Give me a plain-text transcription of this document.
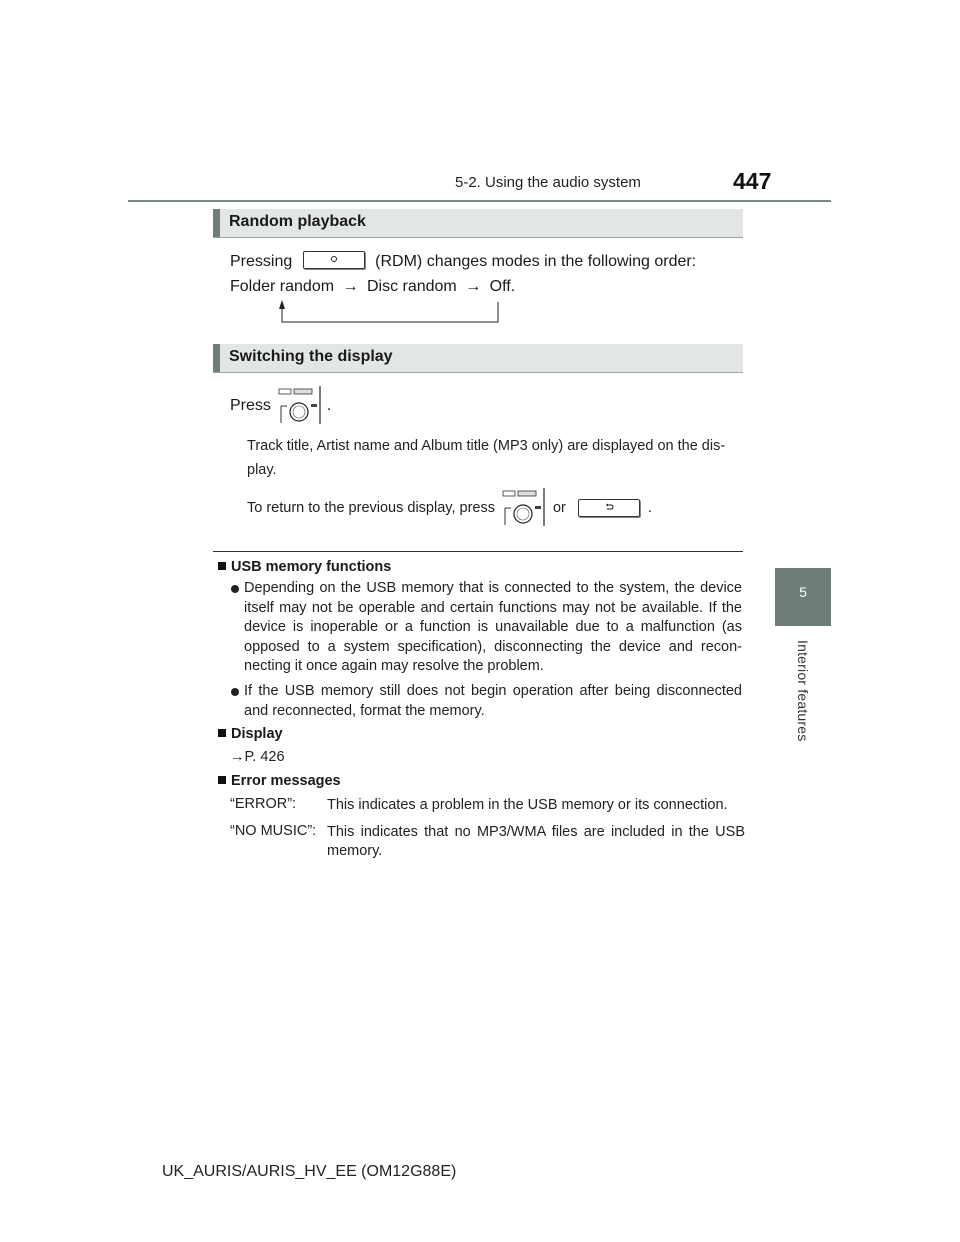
5-2. Using the audio system	447
5
Interior features
Random playback
Pressing	(RDM) changes modes in the following order:
Folder random → Disc random → Off.
Switching the display
Press	.
Track title, Artist name and Album title (MP3 only) are displayed on the dis-
play.
To return to the previous display, press	or	.
USB memory functions
Depending on the USB memory that is connected to the system, the device itself may not be operable and certain functions may not be available. If the device is inoperable or a function is unavailable due to a malfunction (as opposed to a system specification), disconnecting the device and recon-necting it once again may resolve the problem.
If the USB memory still does not begin operation after being disconnected and reconnected, format the memory.
Display
→P. 426
Error messages
“ERROR”: This indicates a problem in the USB memory or its connection.
“NO MUSIC”: This indicates that no MP3/WMA files are included in the USB memory.
UK_AURIS/AURIS_HV_EE (OM12G88E)
